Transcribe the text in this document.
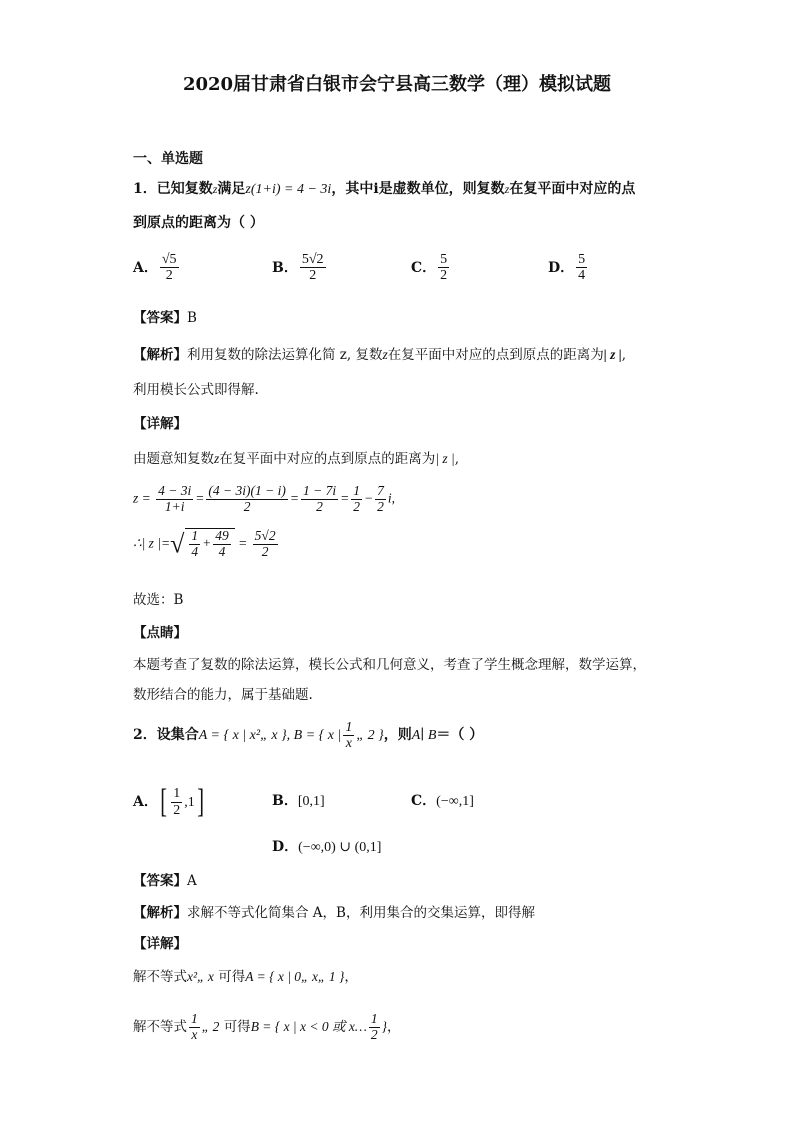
2020届甘肃省白银市会宁县高三数学（理）模拟试题
一、单选题
1．已知复数z满足z(1+i) = 4 − 3i，其中i是虚数单位，则复数z在复平面中对应的点
到原点的距离为（ ）
A． $\frac{√5}{2}$	B． $\frac{5√2}{2}$	C． $\frac{5}{2}$	D． $\frac{5}{4}$
【答案】B
【解析】利用复数的除法运算化简 z, 复数z在复平面中对应的点到原点的距离为| z |,
利用模长公式即得解.
【详解】
由题意知复数z在复平面中对应的点到原点的距离为| z |,
$z = \frac{4 - 3i}{1+i} = \frac{(4 - 3i)(1 - i)}{2} = \frac{1 - 7i}{2} = \frac{1}{2} - \frac{7}{2} i$,
∴| z |=√ $\frac{1}{4} + \frac{49}{4} = \frac{5√2}{2}$
故选：B
【点睛】
本题考查了复数的除法运算，模长公式和几何意义，考查了学生概念理解，数学运算，
数形结合的能力，属于基础题.
2．设集合A = { x | x²„ x }, B = { x | $\frac{1}{x}$ „ 2 }，则A∣ B＝（ ）
A．[ $\frac{1}{2} ,1$]	B．[0,1]	C．(−∞,1]
D．(−∞,0) ∪ (0,1]
【答案】A
【解析】求解不等式化简集合 A，B，利用集合的交集运算，即得解
【详解】
解不等式x²„ x 可得A = { x | 0„ x„ 1 }，
解不等式 $\frac{1}{x}$ „ 2 可得B = { x | x < 0 或 x… $\frac{1}{2}$ }，
